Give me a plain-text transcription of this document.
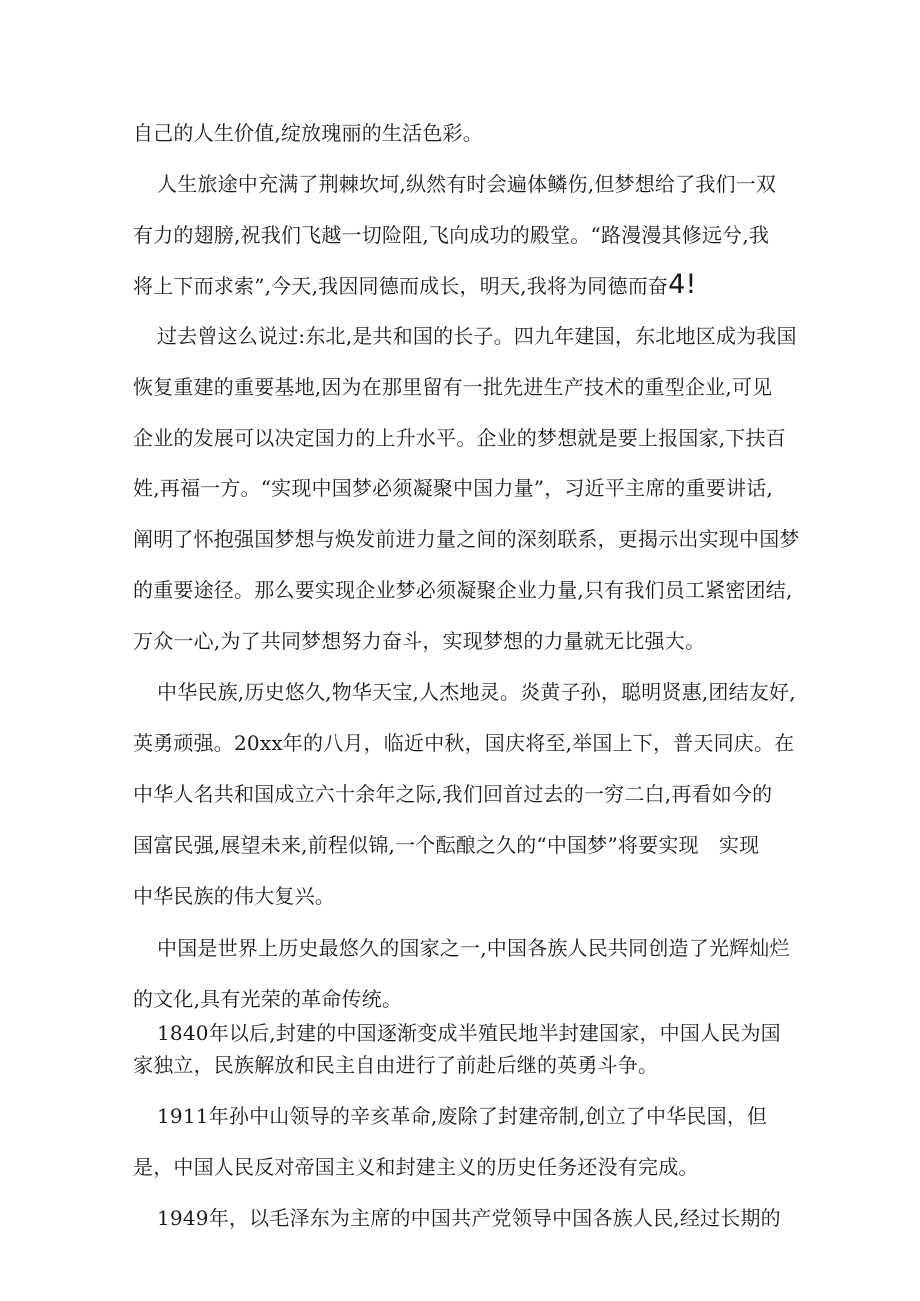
自己的人生价值,绽放瑰丽的生活色彩。
人生旅途中充满了荆棘坎坷,纵然有时会遍体鳞伤,但梦想给了我们一双
有力的翅膀,祝我们飞越一切险阻,飞向成功的殿堂。“路漫漫其修远兮,我
将上下而求索”,今天,我因同德而成长，明天,我将为同德而奋4!
过去曾这么说过:东北,是共和国的长子。四九年建国，东北地区成为我国
恢复重建的重要基地,因为在那里留有一批先进生产技术的重型企业,可见
企业的发展可以决定国力的上升水平。企业的梦想就是要上报国家,下扶百
姓,再福一方。“实现中国梦必须凝聚中国力量”，习近平主席的重要讲话,
阐明了怀抱强国梦想与焕发前进力量之间的深刻联系，更揭示出实现中国梦
的重要途径。那么要实现企业梦必须凝聚企业力量,只有我们员工紧密团结,
万众一心,为了共同梦想努力奋斗，实现梦想的力量就无比强大。
中华民族,历史悠久,物华天宝,人杰地灵。炎黄子孙，聪明贤惠,团结友好,
英勇顽强。20xx年的八月，临近中秋，国庆将至,举国上下，普天同庆。在
中华人名共和国成立六十余年之际,我们回首过去的一穷二白,再看如今的
国富民强,展望未来,前程似锦,一个酝酿之久的“中国梦”将要实现　实现
中华民族的伟大复兴。
中国是世界上历史最悠久的国家之一,中国各族人民共同创造了光辉灿烂
的文化,具有光荣的革命传统。
1840年以后,封建的中国逐渐变成半殖民地半封建国家，中国人民为国
家独立，民族解放和民主自由进行了前赴后继的英勇斗争。
1911年孙中山领导的辛亥革命,废除了封建帝制,创立了中华民国，但
是，中国人民反对帝国主义和封建主义的历史任务还没有完成。
1949年，以毛泽东为主席的中国共产党领导中国各族人民,经过长期的
